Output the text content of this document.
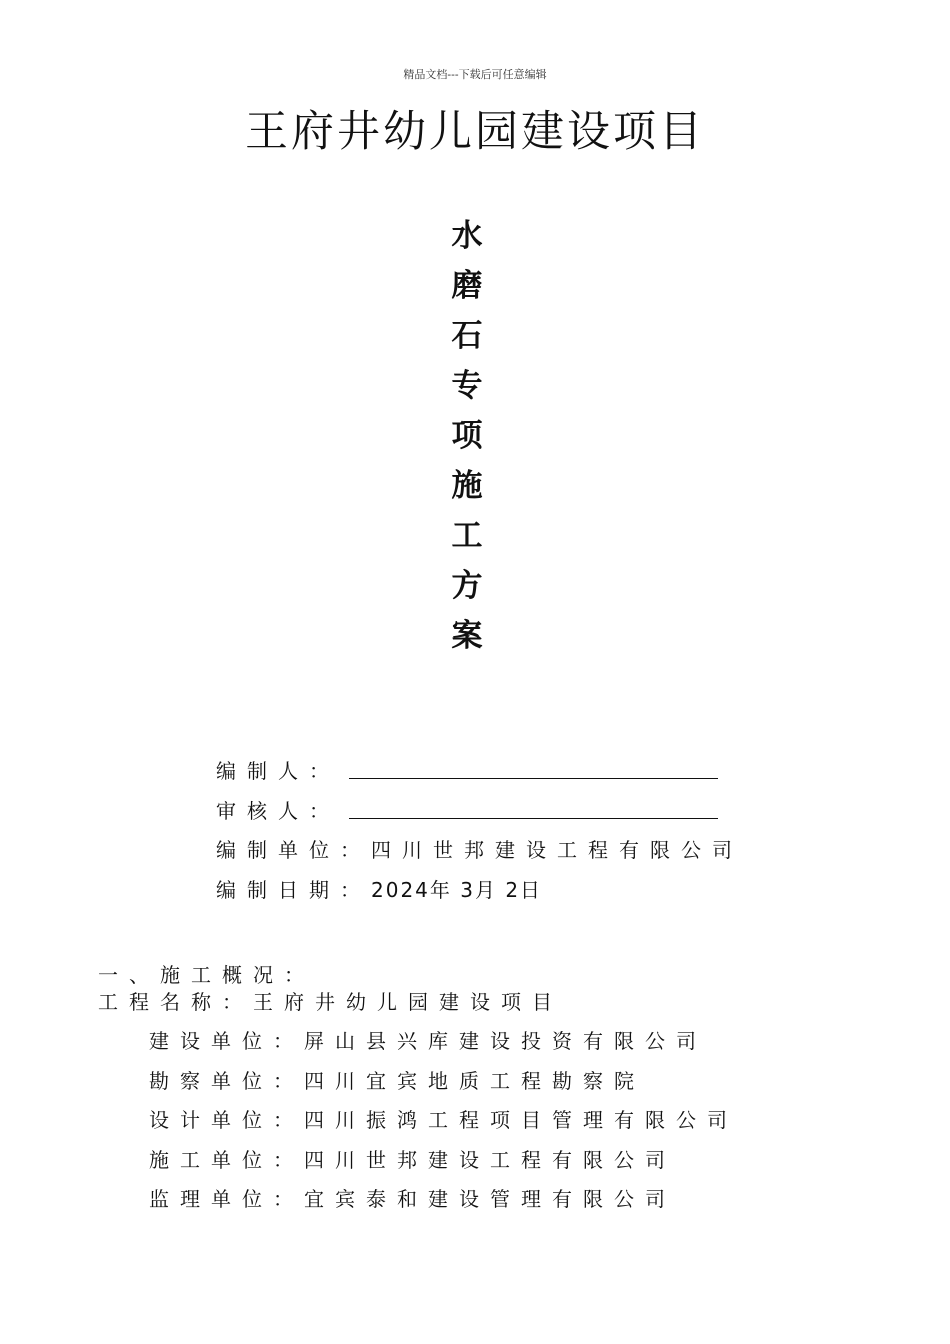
精品文档---下载后可任意编辑
王府井幼儿园建设项目
水
磨
石
专
项
施
工
方
案
编制人：
审核人：
编制单位：四川世邦建设工程有限公司
编制日期：2024年 3月 2日
一、施工概况：
工程名称：王府井幼儿园建设项目
建设单位：屏山县兴库建设投资有限公司
勘察单位：四川宜宾地质工程勘察院
设计单位：四川振鸿工程项目管理有限公司
施工单位：四川世邦建设工程有限公司
监理单位：宜宾泰和建设管理有限公司
